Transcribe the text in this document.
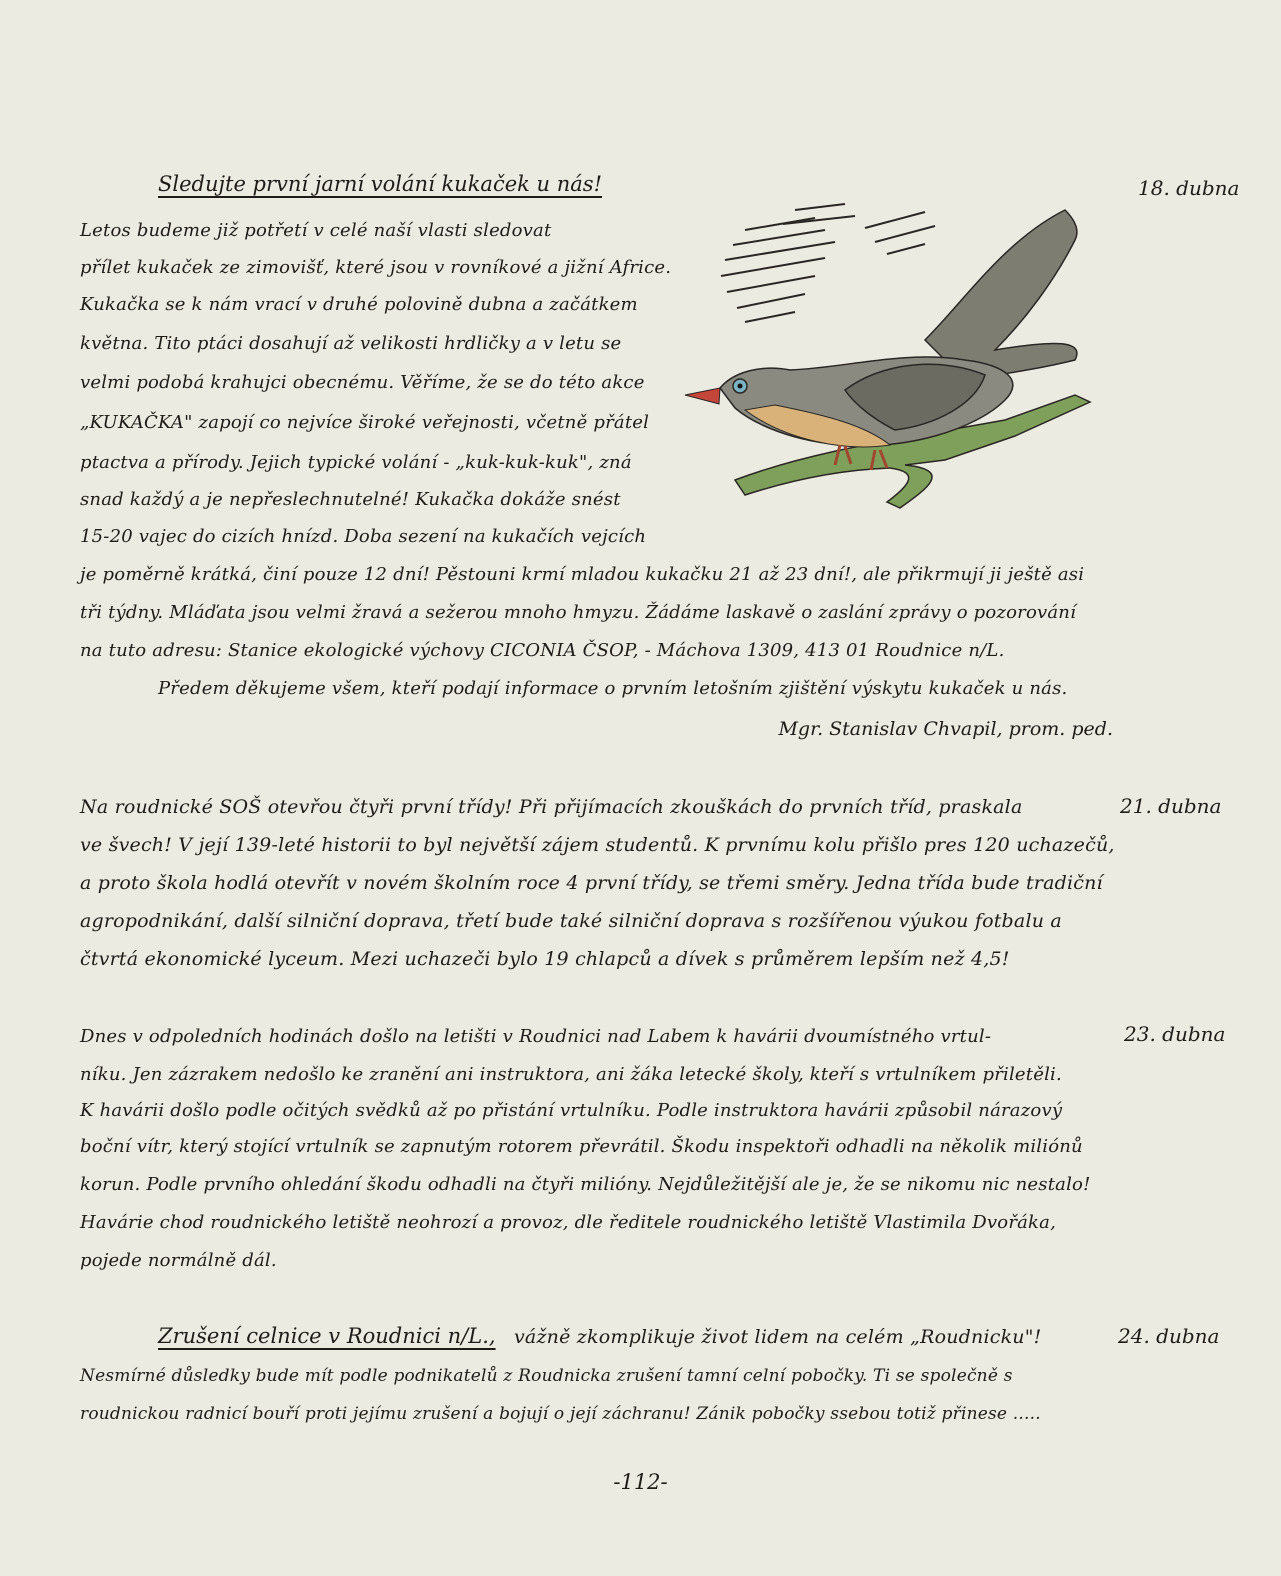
18. dubna
Sledujte první jarní volání kukaček u nás!
Letos budeme již potřetí v celé naší vlasti sledovat
přílet kukaček ze zimovišť, které jsou v rovníkové a jižní Africe.
Kukačka se k nám vrací v druhé polovině dubna a začátkem
května. Tito ptáci dosahují až velikosti hrdličky a v letu se
velmi podobá krahujci obecnému. Věříme, že se do této akce
„KUKAČKA" zapojí co nejvíce široké veřejnosti, včetně přátel
ptactva a přírody. Jejich typické volání - „kuk-kuk-kuk", zná
snad každý a je nepřeslechnutelné! Kukačka dokáže snést
15-20 vajec do cizích hnízd. Doba sezení na kukačích vejcích
je poměrně krátká, činí pouze 12 dní! Pěstouni krmí mladou kukačku 21 až 23 dní!, ale přikrmují ji ještě asi
tři týdny. Mláďata jsou velmi žravá a sežerou mnoho hmyzu. Žádáme laskavě o zaslání zprávy o pozorování
na tuto adresu: Stanice ekologické výchovy CICONIA ČSOP, - Máchova 1309, 413 01 Roudnice n/L.
Předem děkujeme všem, kteří podají informace o prvním letošním zjištění výskytu kukaček u nás.
Mgr. Stanislav Chvapil, prom. ped.
21. dubna
Na roudnické SOŠ otevřou čtyři první třídy! Při přijímacích zkouškách do prvních tříd, praskala
ve švech! V její 139-leté historii to byl největší zájem studentů. K prvnímu kolu přišlo pres 120 uchazečů,
a proto škola hodlá otevřít v novém školním roce 4 první třídy, se třemi směry. Jedna třída bude tradiční
agropodnikání, další silniční doprava, třetí bude také silniční doprava s rozšířenou výukou fotbalu a
čtvrtá ekonomické lyceum. Mezi uchazeči bylo 19 chlapců a dívek s průměrem lepším než 4,5!
23. dubna
Dnes v odpoledních hodinách došlo na letišti v Roudnici nad Labem k havárii dvoumístného vrtul-
níku. Jen zázrakem nedošlo ke zranění ani instruktora, ani žáka letecké školy, kteří s vrtulníkem přiletěli.
K havárii došlo podle očitých svědků až po přistání vrtulníku. Podle instruktora havárii způsobil nárazový
boční vítr, který stojící vrtulník se zapnutým rotorem převrátil. Škodu inspektoři odhadli na několik miliónů
korun. Podle prvního ohledání škodu odhadli na čtyři milióny. Nejdůležitější ale je, že se nikomu nic nestalo!
Havárie chod roudnického letiště neohrozí a provoz, dle ředitele roudnického letiště Vlastimila Dvořáka,
pojede normálně dál.
24. dubna
Zrušení celnice v Roudnici n/L., vážně zkomplikuje život lidem na celém „Roudnicku"!
Nesmírné důsledky bude mít podle podnikatelů z Roudnicka zrušení tamní celní pobočky. Ti se společně s
roudnickou radnicí bouří proti jejímu zrušení a bojují o její záchranu! Zánik pobočky ssebou totiž přinese .....
-112-
